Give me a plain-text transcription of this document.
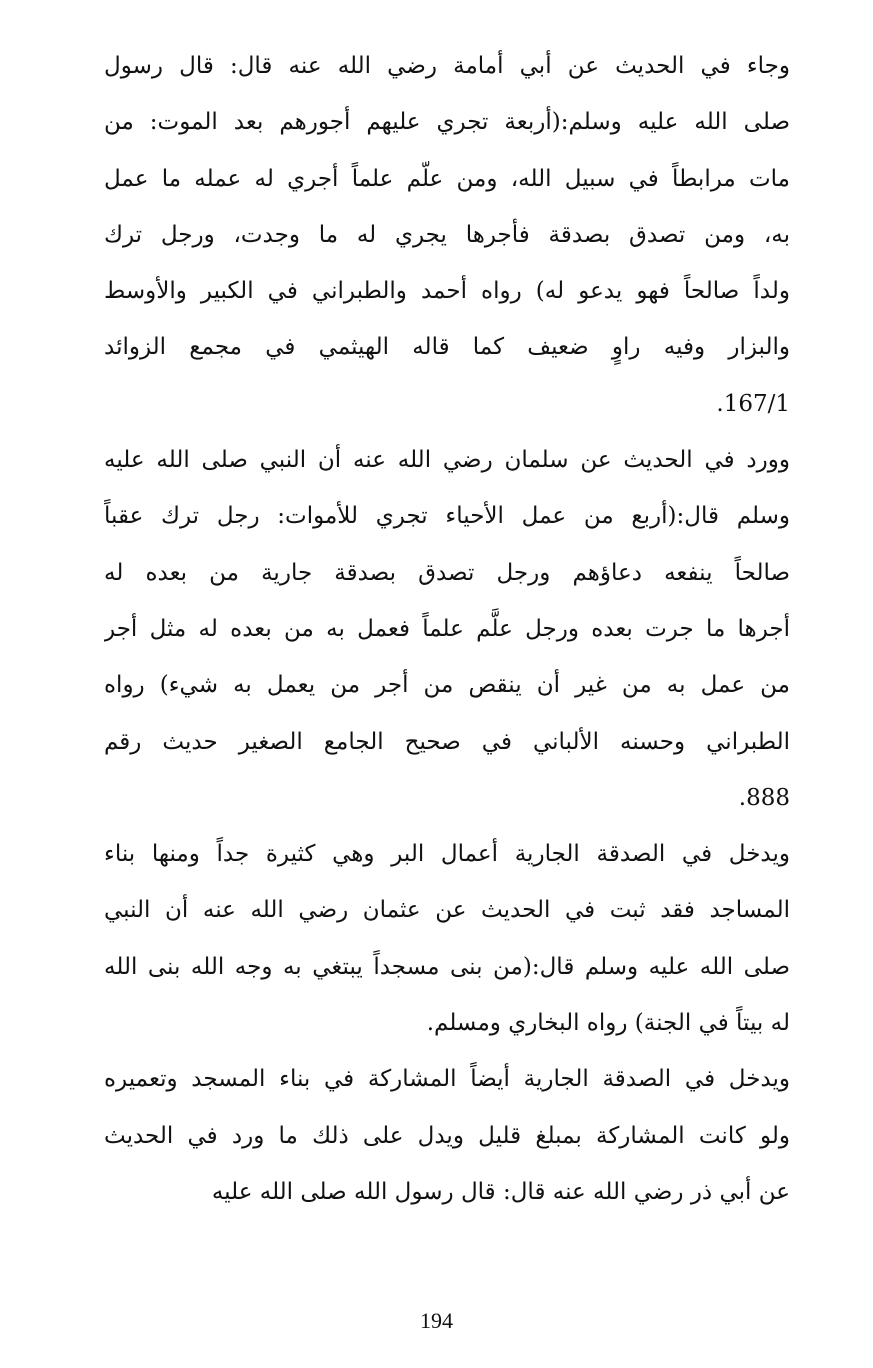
وجاء في الحديث عن أبي أمامة رضي الله عنه قال: قال رسول
صلى الله عليه وسلم:(أربعة تجري عليهم أجورهم بعد الموت: من
مات مرابطاً في سبيل الله، ومن علّم علماً أجري له عمله ما عمل
به، ومن تصدق بصدقة فأجرها يجري له ما وجدت، ورجل ترك
ولداً صالحاً فهو يدعو له) رواه أحمد والطبراني في الكبير والأوسط
والبزار وفيه راوٍ ضعيف كما قاله الهيثمي في مجمع الزوائد
167/1.
وورد في الحديث عن سلمان رضي الله عنه أن النبي صلى الله عليه
وسلم قال:(أربع من عمل الأحياء تجري للأموات: رجل ترك عقباً
صالحاً ينفعه دعاؤهم ورجل تصدق بصدقة جارية من بعده له
أجرها ما جرت بعده ورجل علَّم علماً فعمل به من بعده له مثل أجر
من عمل به من غير أن ينقص من أجر من يعمل به شيء) رواه
الطبراني وحسنه الألباني في صحيح الجامع الصغير حديث رقم
888.
ويدخل في الصدقة الجارية أعمال البر وهي كثيرة جداً ومنها بناء
المساجد فقد ثبت في الحديث عن عثمان رضي الله عنه أن النبي
صلى الله عليه وسلم قال:(من بنى مسجداً يبتغي به وجه الله بنى الله
له بيتاً في الجنة) رواه البخاري ومسلم.
ويدخل في الصدقة الجارية أيضاً المشاركة في بناء المسجد وتعميره
ولو كانت المشاركة بمبلغ قليل ويدل على ذلك ما ورد في الحديث
عن أبي ذر رضي الله عنه قال: قال رسول الله صلى الله عليه
194
